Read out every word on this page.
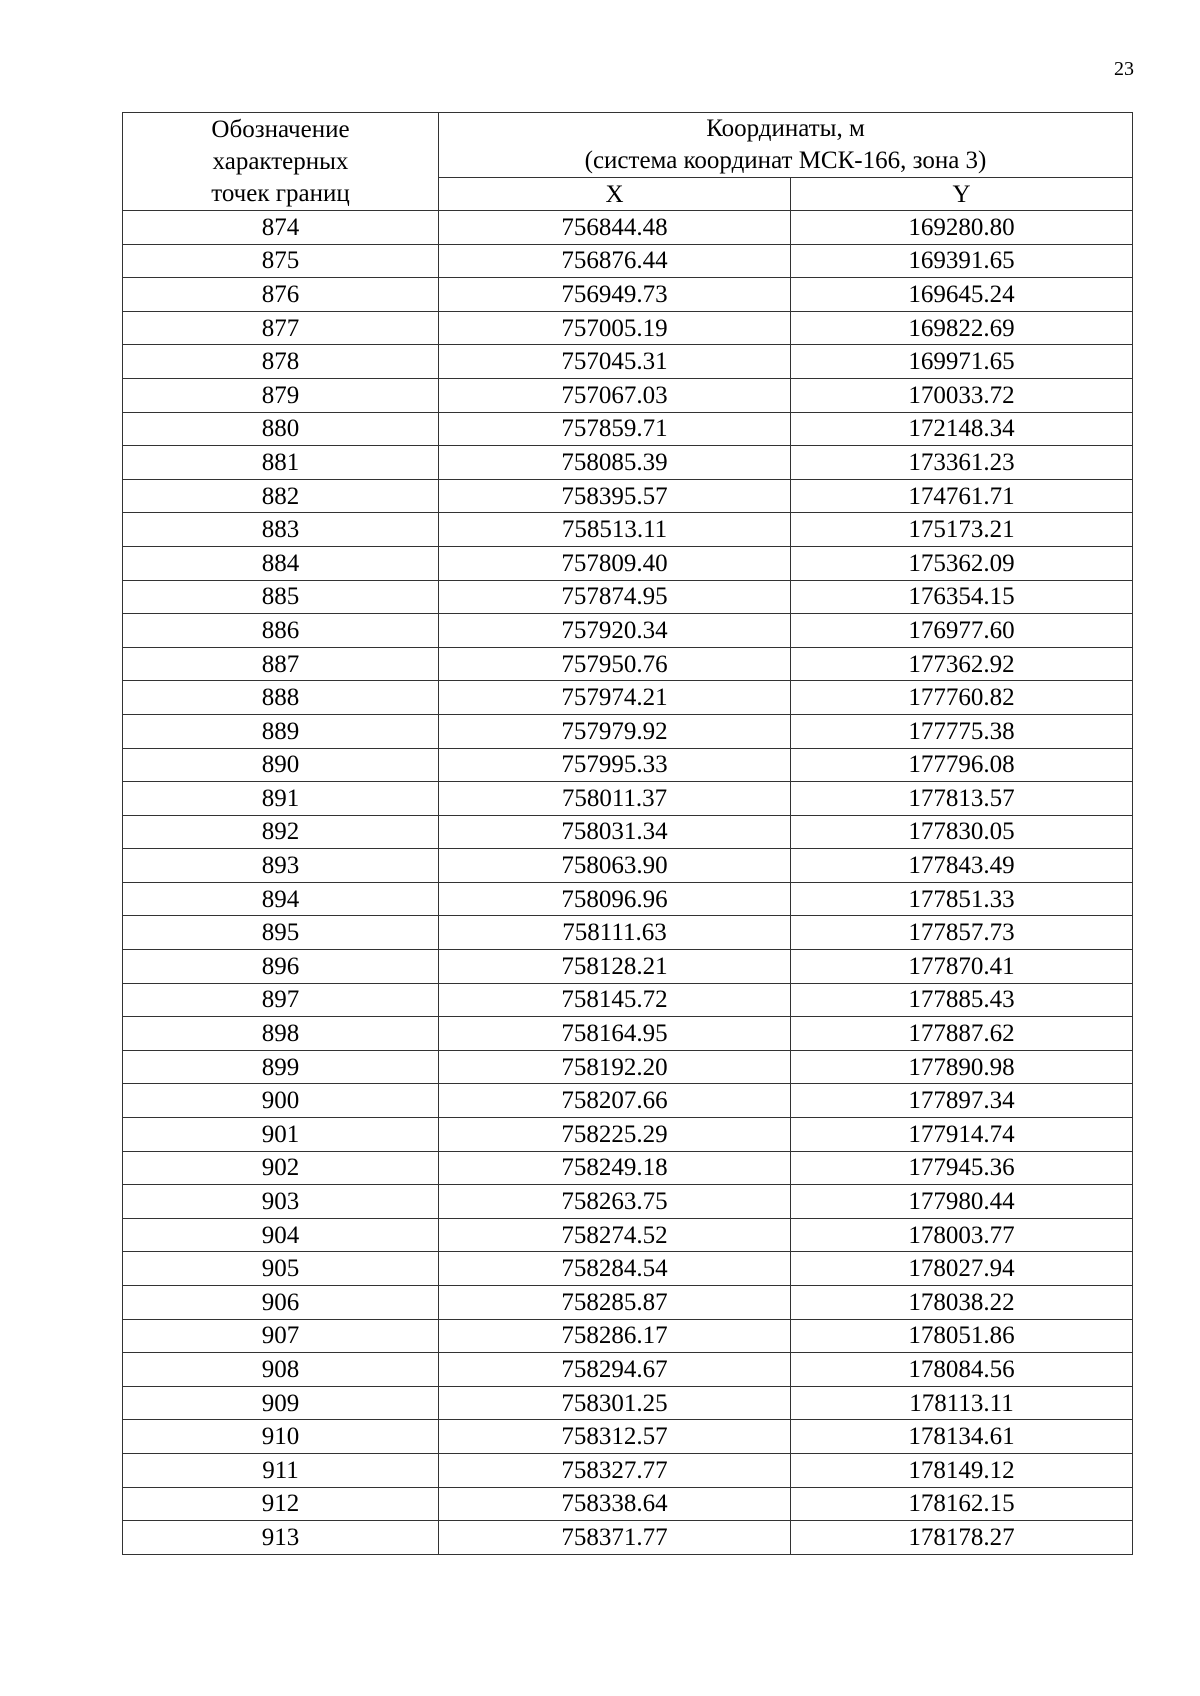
23
Обозначение
характерных
точек границ	Координаты, м
(система координат МСК-166, зона 3)	

	X	Y
874	756844.48	169280.80
875	756876.44	169391.65
876	756949.73	169645.24
877	757005.19	169822.69
878	757045.31	169971.65
879	757067.03	170033.72
880	757859.71	172148.34
881	758085.39	173361.23
882	758395.57	174761.71
883	758513.11	175173.21
884	757809.40	175362.09
885	757874.95	176354.15
886	757920.34	176977.60
887	757950.76	177362.92
888	757974.21	177760.82
889	757979.92	177775.38
890	757995.33	177796.08
891	758011.37	177813.57
892	758031.34	177830.05
893	758063.90	177843.49
894	758096.96	177851.33
895	758111.63	177857.73
896	758128.21	177870.41
897	758145.72	177885.43
898	758164.95	177887.62
899	758192.20	177890.98
900	758207.66	177897.34
901	758225.29	177914.74
902	758249.18	177945.36
903	758263.75	177980.44
904	758274.52	178003.77
905	758284.54	178027.94
906	758285.87	178038.22
907	758286.17	178051.86
908	758294.67	178084.56
909	758301.25	178113.11
910	758312.57	178134.61
911	758327.77	178149.12
912	758338.64	178162.15
913	758371.77	178178.27
